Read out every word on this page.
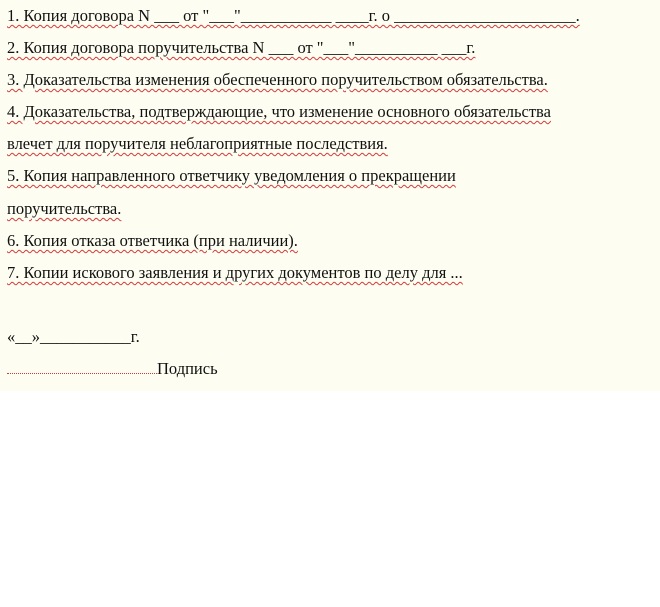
1. Копия договора N ___ от "___"___________ ____г. о ______________________.
2. Копия договора поручительства N ___ от "___"__________ ___г.
3. Доказательства изменения обеспеченного поручительством обязательства.
4. Доказательства, подтверждающие, что изменение основного обязательства
влечет для поручителя неблагоприятные последствия.
5. Копия направленного ответчику уведомления о прекращении
поручительства.
6. Копия отказа ответчика (при наличии).
7. Копии искового заявления и других документов по делу для ...
«__»___________г.
Подпись
